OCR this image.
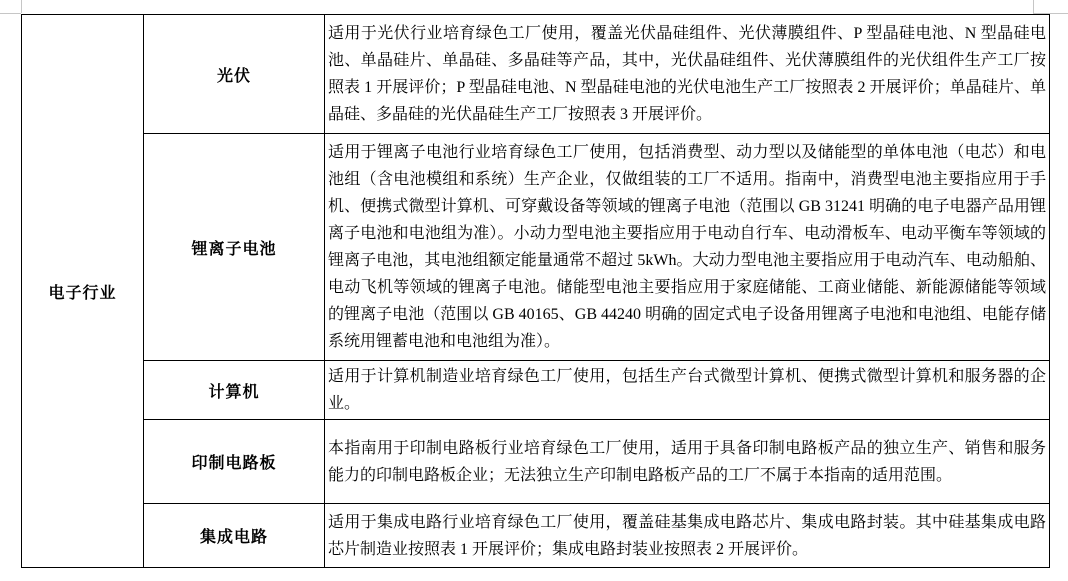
电子行业	光伏	适用于光伏行业培育绿色工厂使用，覆盖光伏晶硅组件、光伏薄膜组件、P 型晶硅电池、N 型晶硅电池、单晶硅片、单晶硅、多晶硅等产品，其中，光伏晶硅组件、光伏薄膜组件的光伏组件生产工厂按照表 1 开展评价；P 型晶硅电池、N 型晶硅电池的光伏电池生产工厂按照表 2 开展评价；单晶硅片、单晶硅、多晶硅的光伏晶硅生产工厂按照表 3 开展评价。
	锂离子电池	适用于锂离子电池行业培育绿色工厂使用，包括消费型、动力型以及储能型的单体电池（电芯）和电池组（含电池模组和系统）生产企业，仅做组装的工厂不适用。指南中，消费型电池主要指应用于手机、便携式微型计算机、可穿戴设备等领域的锂离子电池（范围以 GB 31241 明确的电子电器产品用锂离子电池和电池组为准）。小动力型电池主要指应用于电动自行车、电动滑板车、电动平衡车等领域的锂离子电池，其电池组额定能量通常不超过 5kWh。大动力型电池主要指应用于电动汽车、电动船舶、电动飞机等领域的锂离子电池。储能型电池主要指应用于家庭储能、工商业储能、新能源储能等领域的锂离子电池（范围以 GB 40165、GB 44240 明确的固定式电子设备用锂离子电池和电池组、电能存储系统用锂蓄电池和电池组为准）。
	计算机	适用于计算机制造业培育绿色工厂使用，包括生产台式微型计算机、便携式微型计算机和服务器的企业。
	印制电路板	本指南用于印制电路板行业培育绿色工厂使用，适用于具备印制电路板产品的独立生产、销售和服务能力的印制电路板企业；无法独立生产印制电路板产品的工厂不属于本指南的适用范围。
	集成电路	适用于集成电路行业培育绿色工厂使用，覆盖硅基集成电路芯片、集成电路封装。其中硅基集成电路芯片制造业按照表 1 开展评价；集成电路封装业按照表 2 开展评价。
